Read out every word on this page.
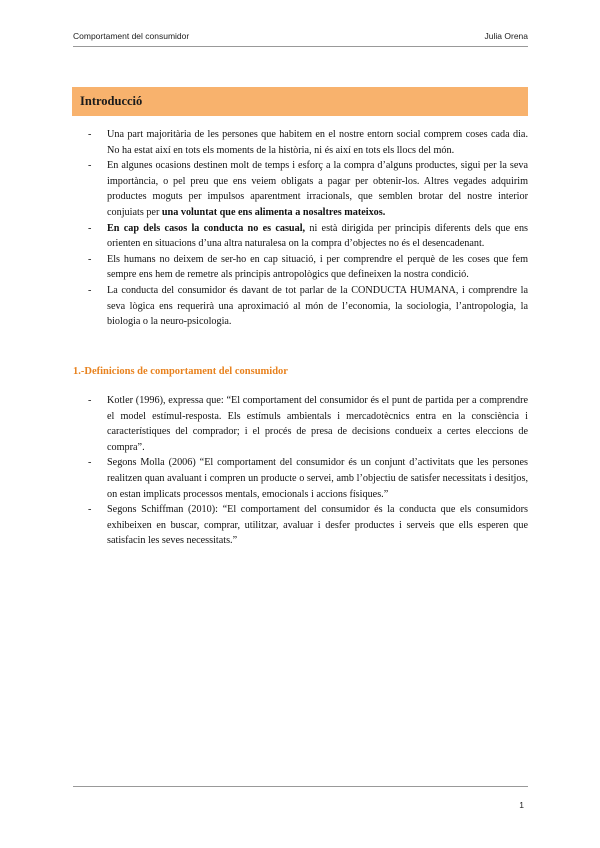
Comportament del consumidor	Julia Orena
Introducció
- Una part majoritària de les persones que habitem en el nostre entorn social comprem coses cada dia. No ha estat així en tots els moments de la història, ni és així en tots els llocs del món.
- En algunes ocasions destinen molt de temps i esforç a la compra d’alguns productes, sigui per la seva importància, o pel preu que ens veiem obligats a pagar per obtenir-los. Altres vegades adquirim productes moguts per impulsos aparentment irracionals, que semblen brotar del nostre interior conjuiats per una voluntat que ens alimenta a nosaltres mateixos.
- En cap dels casos la conducta no es casual, ni està dirigida per principis diferents dels que ens orienten en situacions d’una altra naturalesa on la compra d’objectes no és el desencadenant.
- Els humans no deixem de ser-ho en cap situació, i per comprendre el perquè de les coses que fem sempre ens hem de remetre als principis antropològics que defineixen la nostra condició.
- La conducta del consumidor és davant de tot parlar de la CONDUCTA HUMANA, i comprendre la seva lògica ens requerirà una aproximació al món de l’economia, la sociologia, l’antropologia, la biologia o la neuro-psicologia.
1.-Definicions de comportament del consumidor
- Kotler (1996), expressa que: “El comportament del consumidor és el punt de partida per a comprendre el model estímul-resposta. Els estímuls ambientals i mercadotècnics entra en la consciència i característiques del comprador; i el procés de presa de decisions condueix a certes eleccions de compra”.
- Segons Molla (2006) “El comportament del consumidor és un conjunt d’activitats que les persones realitzen quan avaluant i compren un producte o servei, amb l’objectiu de satisfer necessitats i desitjos, on estan implicats processos mentals, emocionals i accions físiques.”
- Segons Schiffman (2010): “El comportament del consumidor és la conducta que els consumidors exhibeixen en buscar, comprar, utilitzar, avaluar i desfer productes i serveis que ells esperen que satisfacin les seves necessitats.”
1
